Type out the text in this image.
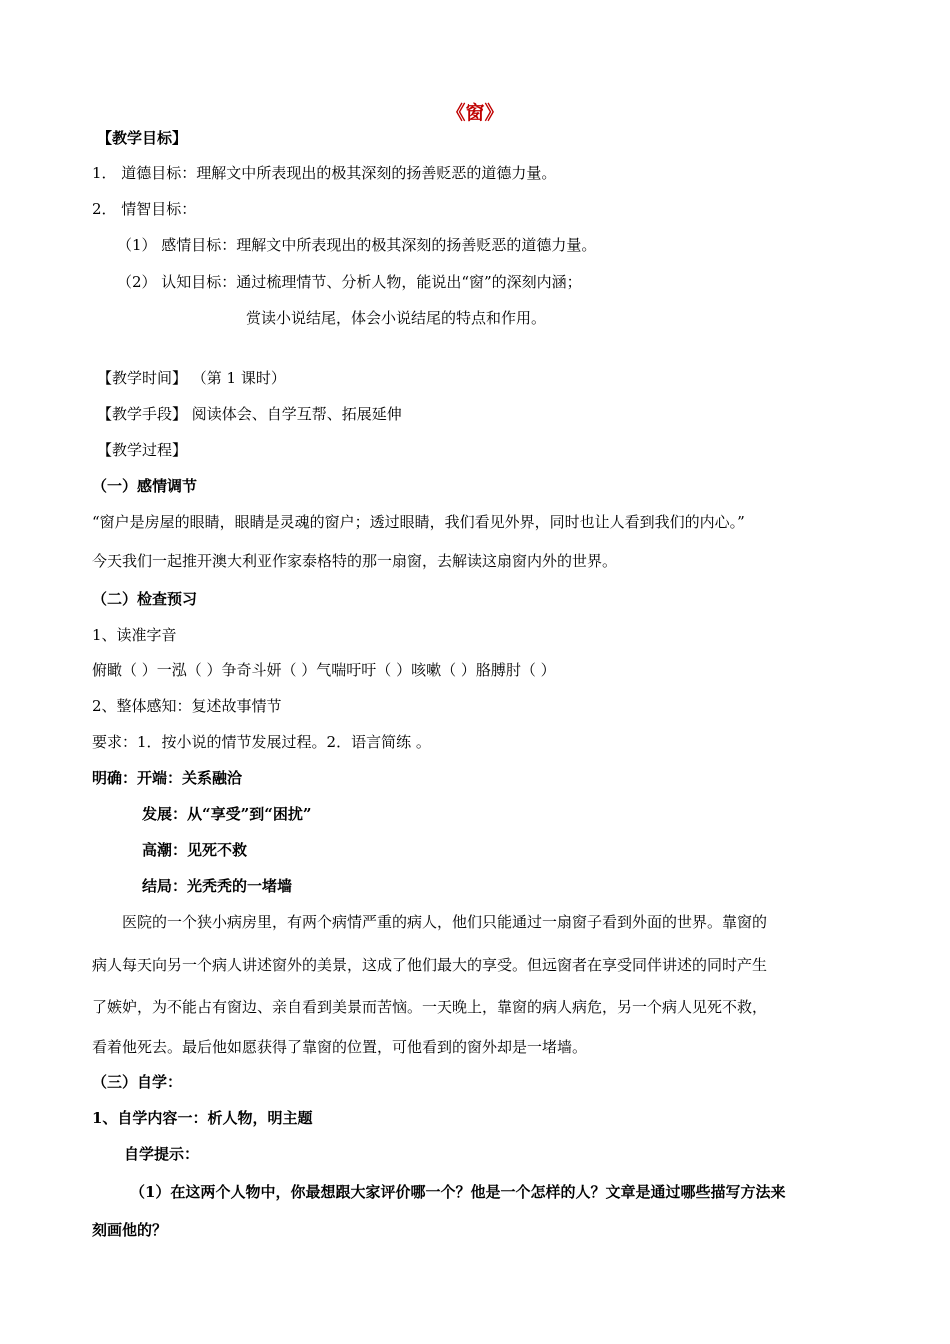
《窗》
【教学目标】
1． 道德目标：理解文中所表现出的极其深刻的扬善贬恶的道德力量。
2． 情智目标：
（1） 感情目标：理解文中所表现出的极其深刻的扬善贬恶的道德力量。
（2） 认知目标：通过梳理情节、分析人物，能说出“窗”的深刻内涵；
赏读小说结尾，体会小说结尾的特点和作用。
【教学时间】 （第 1 课时）
【教学手段】 阅读体会、自学互帮、拓展延伸
【教学过程】
（一）感情调节
“窗户是房屋的眼睛，眼睛是灵魂的窗户；透过眼睛，我们看见外界，同时也让人看到我们的内心。”
今天我们一起推开澳大利亚作家泰格特的那一扇窗，去解读这扇窗内外的世界。
（二）检查预习
1、读准字音
俯瞰（ ）一泓（ ）争奇斗妍（ ）气喘吁吁（ ）咳嗽（ ）胳膊肘（ ）
2、整体感知：复述故事情节
要求：1．按小说的情节发展过程。2．语言简练 。
明确：开端：关系融洽
发展：从“享受”到“困扰”
高潮：见死不救
结局：光秃秃的一堵墙
医院的一个狭小病房里，有两个病情严重的病人，他们只能通过一扇窗子看到外面的世界。靠窗的
病人每天向另一个病人讲述窗外的美景，这成了他们最大的享受。但远窗者在享受同伴讲述的同时产生
了嫉妒，为不能占有窗边、亲自看到美景而苦恼。一天晚上，靠窗的病人病危，另一个病人见死不救，
看着他死去。最后他如愿获得了靠窗的位置，可他看到的窗外却是一堵墙。
（三）自学：
1、自学内容一：析人物，明主题
自学提示：
（1）在这两个人物中，你最想跟大家评价哪一个？他是一个怎样的人？文章是通过哪些描写方法来
刻画他的？
